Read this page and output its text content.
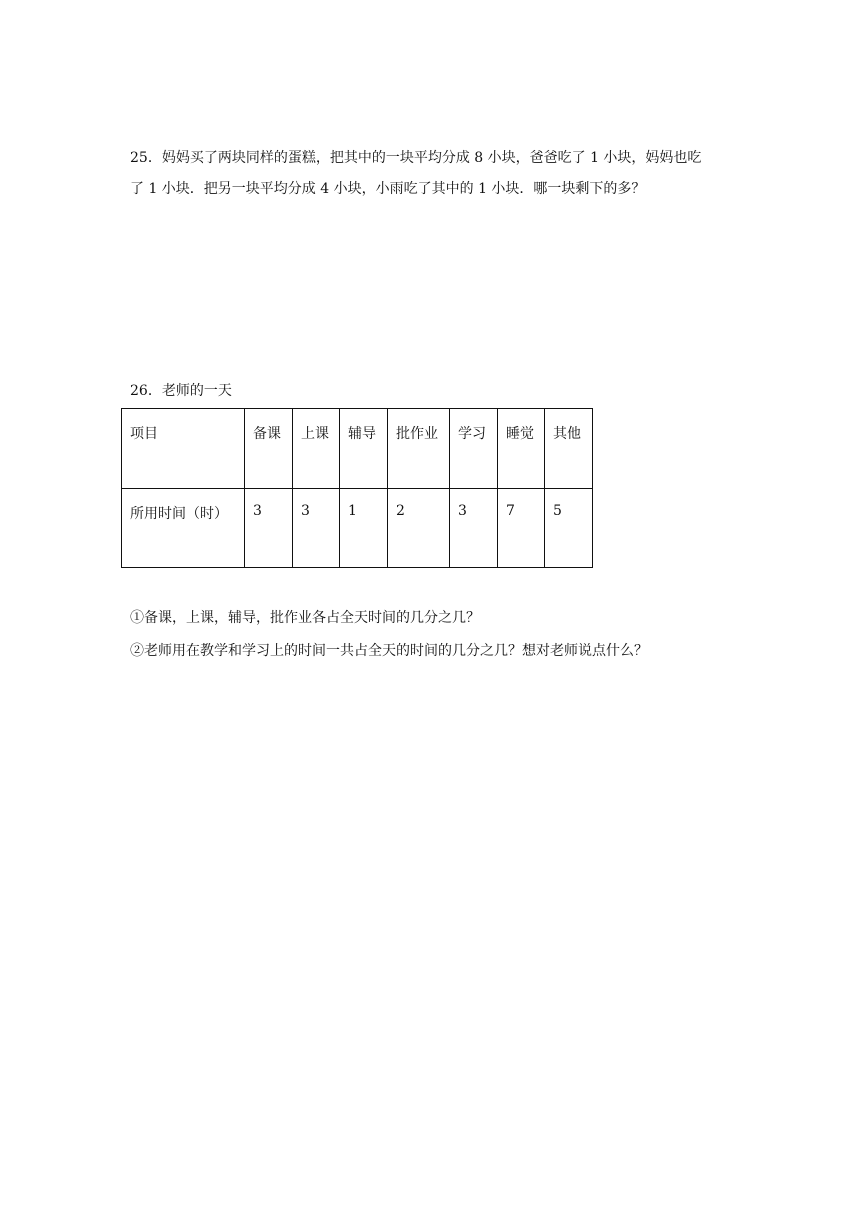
25．妈妈买了两块同样的蛋糕，把其中的一块平均分成 8 小块，爸爸吃了 1 小块，妈妈也吃
了 1 小块．把另一块平均分成 4 小块，小雨吃了其中的 1 小块．哪一块剩下的多？
26．老师的一天
项目	备课	上课	辅导	批作业	学习	睡觉	其他
所用时间（时）	3	3	1	2	3	7	5
①备课，上课，辅导，批作业各占全天时间的几分之几？
②老师用在教学和学习上的时间一共占全天的时间的几分之几？想对老师说点什么？
